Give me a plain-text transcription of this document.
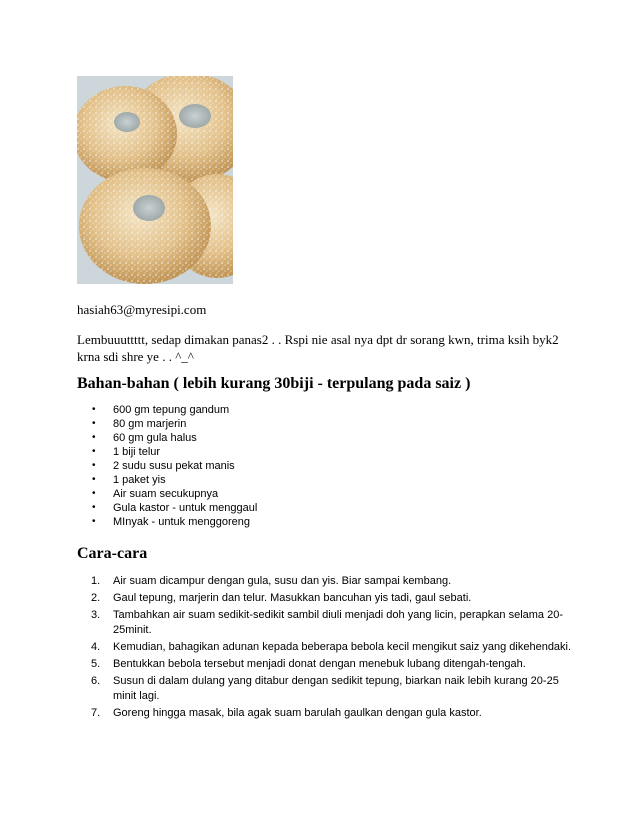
hasiah63@myresipi.com
Lembuuuttttt, sedap dimakan panas2 . . Rspi nie asal nya dpt dr sorang kwn, trima ksih byk2
krna sdi shre ye . . ^_^
Bahan-bahan ( lebih kurang 30biji - terpulang pada saiz )
• 600 gm tepung gandum
• 80 gm marjerin
• 60 gm gula halus
• 1 biji telur
• 2 sudu susu pekat manis
• 1 paket yis
• Air suam secukupnya
• Gula kastor - untuk menggaul
• MInyak - untuk menggoreng
Cara-cara
1. Air suam dicampur dengan gula, susu dan yis. Biar sampai kembang.
2. Gaul tepung, marjerin dan telur. Masukkan bancuhan yis tadi, gaul sebati.
3. Tambahkan air suam sedikit-sedikit sambil diuli menjadi doh yang licin, perapkan selama 20-
25minit.
4. Kemudian, bahagikan adunan kepada beberapa bebola kecil mengikut saiz yang dikehendaki.
5. Bentukkan bebola tersebut menjadi donat dengan menebuk lubang ditengah-tengah.
6. Susun di dalam dulang yang ditabur dengan sedikit tepung, biarkan naik lebih kurang 20-25
minit lagi.
7. Goreng hingga masak, bila agak suam barulah gaulkan dengan gula kastor.
